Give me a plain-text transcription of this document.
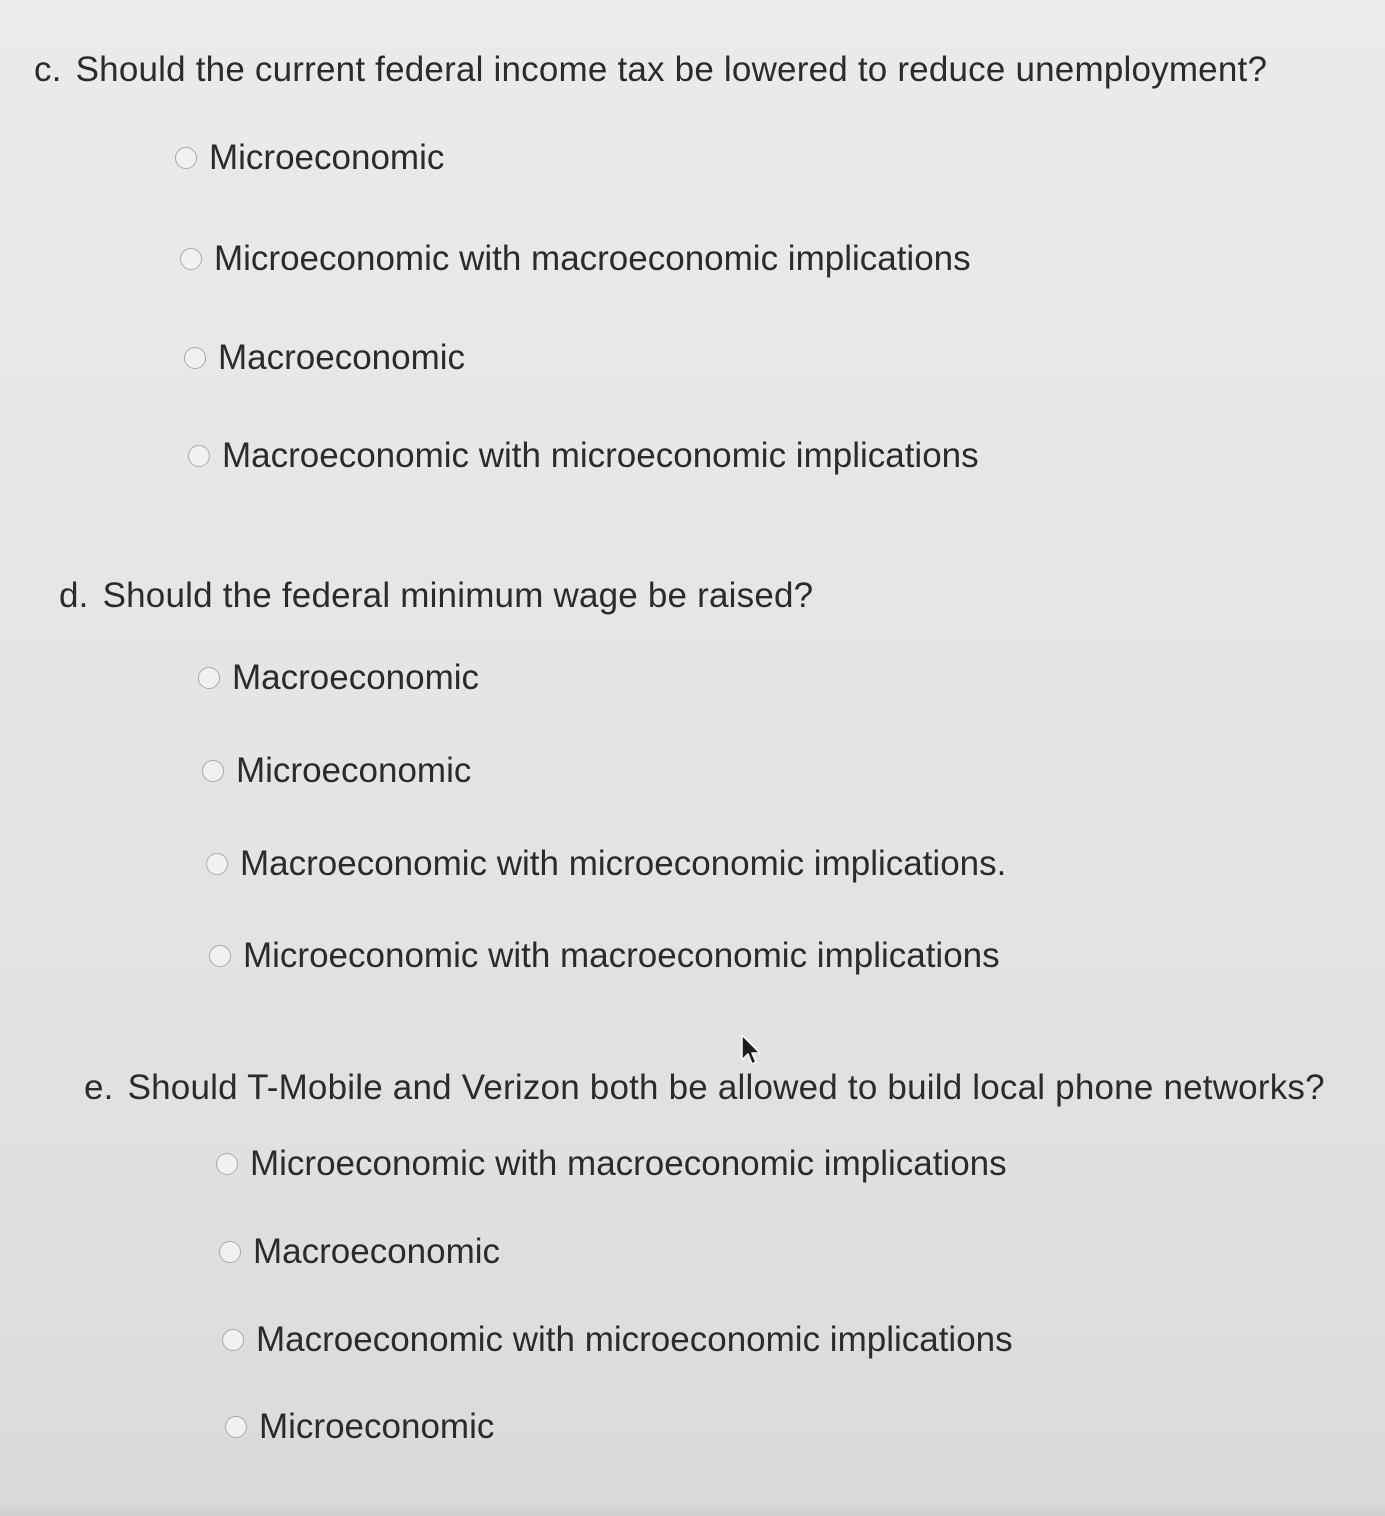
c. Should the current federal income tax be lowered to reduce unemployment?
Microeconomic
Microeconomic with macroeconomic implications
Macroeconomic
Macroeconomic with microeconomic implications
d. Should the federal minimum wage be raised?
Macroeconomic
Microeconomic
Macroeconomic with microeconomic implications.
Microeconomic with macroeconomic implications
e. Should T-Mobile and Verizon both be allowed to build local phone networks?
Microeconomic with macroeconomic implications
Macroeconomic
Macroeconomic with microeconomic implications
Microeconomic
